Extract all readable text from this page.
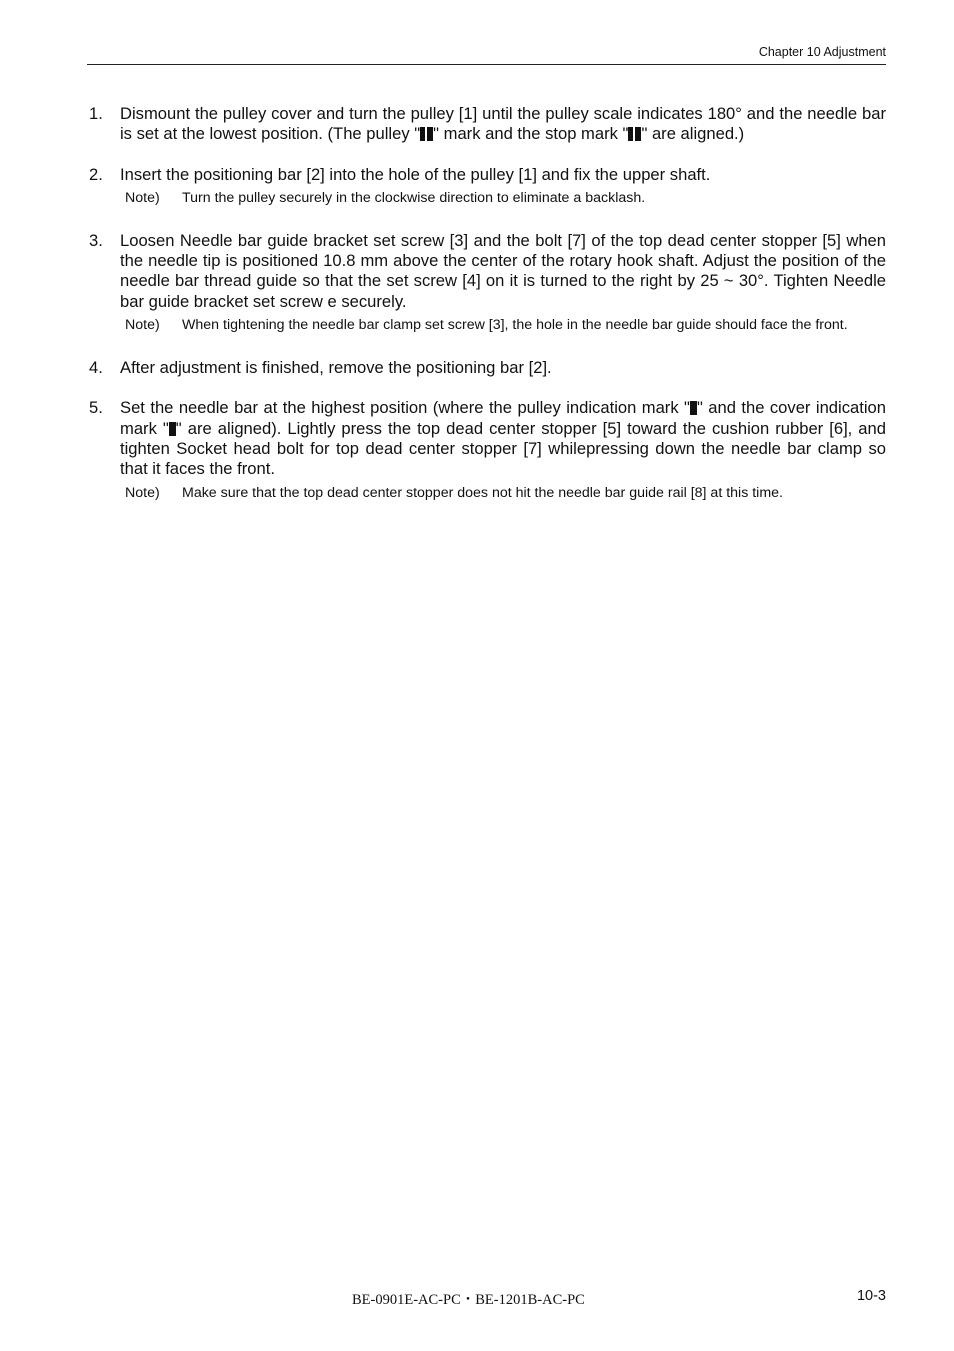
Chapter 10 Adjustment
1. Dismount the pulley cover and turn the pulley [1] until the pulley scale indicates 180° and the needle bar is set at the lowest position. (The pulley " " mark and the stop mark " " are aligned.)
2. Insert the positioning bar [2] into the hole of the pulley [1] and fix the upper shaft.
Note) Turn the pulley securely in the clockwise direction to eliminate a backlash.
3. Loosen Needle bar guide bracket set screw [3] and the bolt [7] of the top dead center stopper [5] when the needle tip is positioned 10.8 mm above the center of the rotary hook shaft. Adjust the position of the needle bar thread guide so that the set screw [4] on it is turned to the right by 25 ~ 30°. Tighten Needle bar guide bracket set screw e securely.
Note) When tightening the needle bar clamp set screw [3], the hole in the needle bar guide should face the front.
4. After adjustment is finished, remove the positioning bar [2].
5. Set the needle bar at the highest position (where the pulley indication mark " " and the cover indication mark " " are aligned). Lightly press the top dead center stopper [5] toward the cushion rubber [6], and tighten Socket head bolt for top dead center stopper [7] whilepressing down the needle bar clamp so that it faces the front.
Note) Make sure that the top dead center stopper does not hit the needle bar guide rail [8] at this time.
BE-0901E-AC-PC・BE-1201B-AC-PC	10-3
